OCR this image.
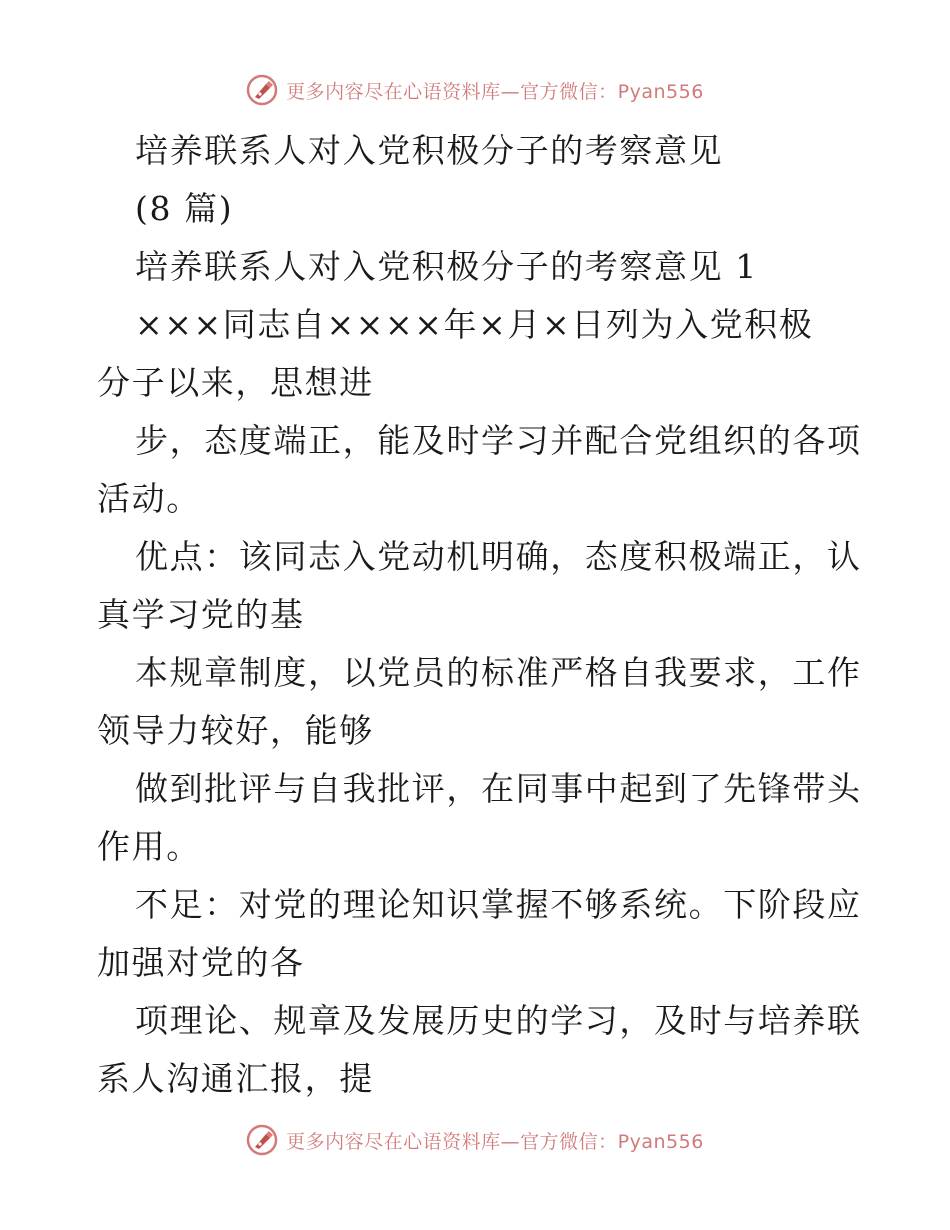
更多内容尽在心语资料库—官方微信：Pyan556
培养联系人对入党积极分子的考察意见
(8 篇)
培养联系人对入党积极分子的考察意见 1
×××同志自××××年×月×日列为入党积极
分子以来，思想进
步，态度端正，能及时学习并配合党组织的各项
活动。
优点：该同志入党动机明确，态度积极端正，认
真学习党的基
本规章制度，以党员的标准严格自我要求，工作
领导力较好，能够
做到批评与自我批评，在同事中起到了先锋带头
作用。
不足：对党的理论知识掌握不够系统。下阶段应
加强对党的各
项理论、规章及发展历史的学习，及时与培养联
系人沟通汇报，提
更多内容尽在心语资料库—官方微信：Pyan556
